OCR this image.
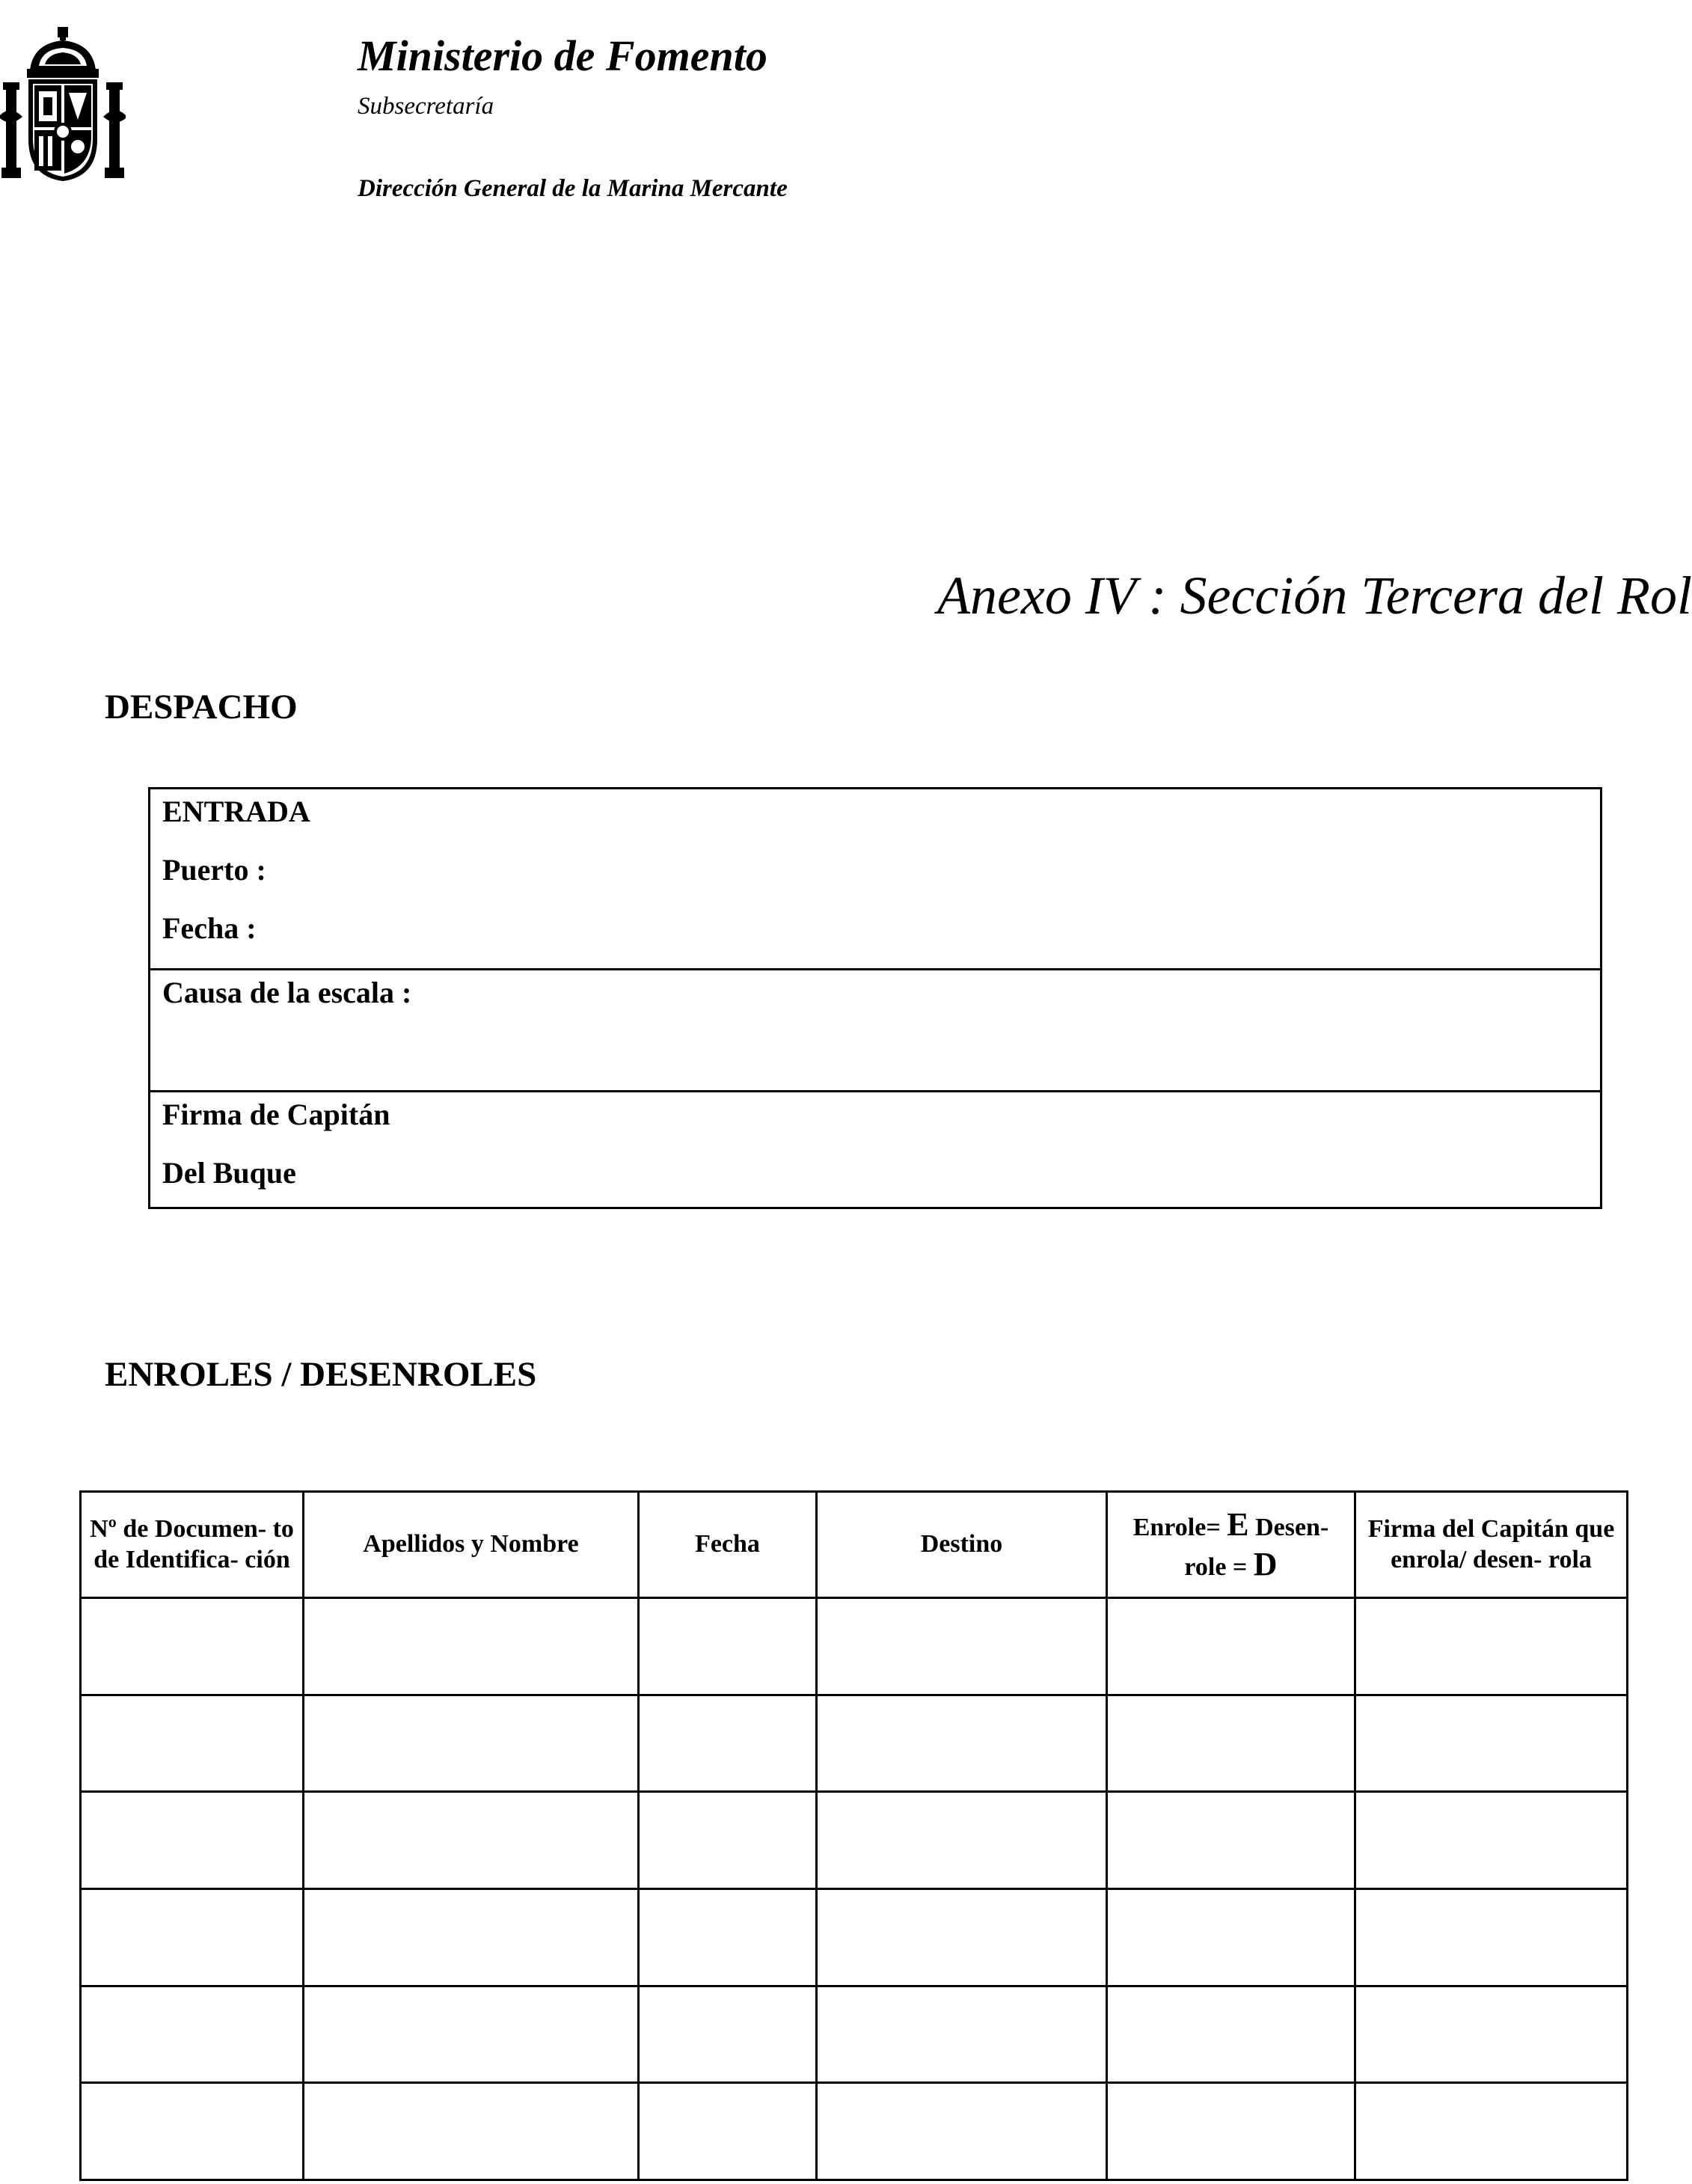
Ministerio de Fomento
Subsecretaría
Dirección General de la Marina Mercante
Anexo IV : Sección Tercera del Rol
DESPACHO
ENTRADA
Puerto :
Fecha :
Causa de la escala :
Firma de Capitán
Del Buque
ENROLES / DESENROLES
Nº de Documen- to de Identifica- ción	Apellidos y Nombre	Fecha	Destino	Enrole= E Desen- role = D	Firma del Capitán que enrola/ desen- rola
